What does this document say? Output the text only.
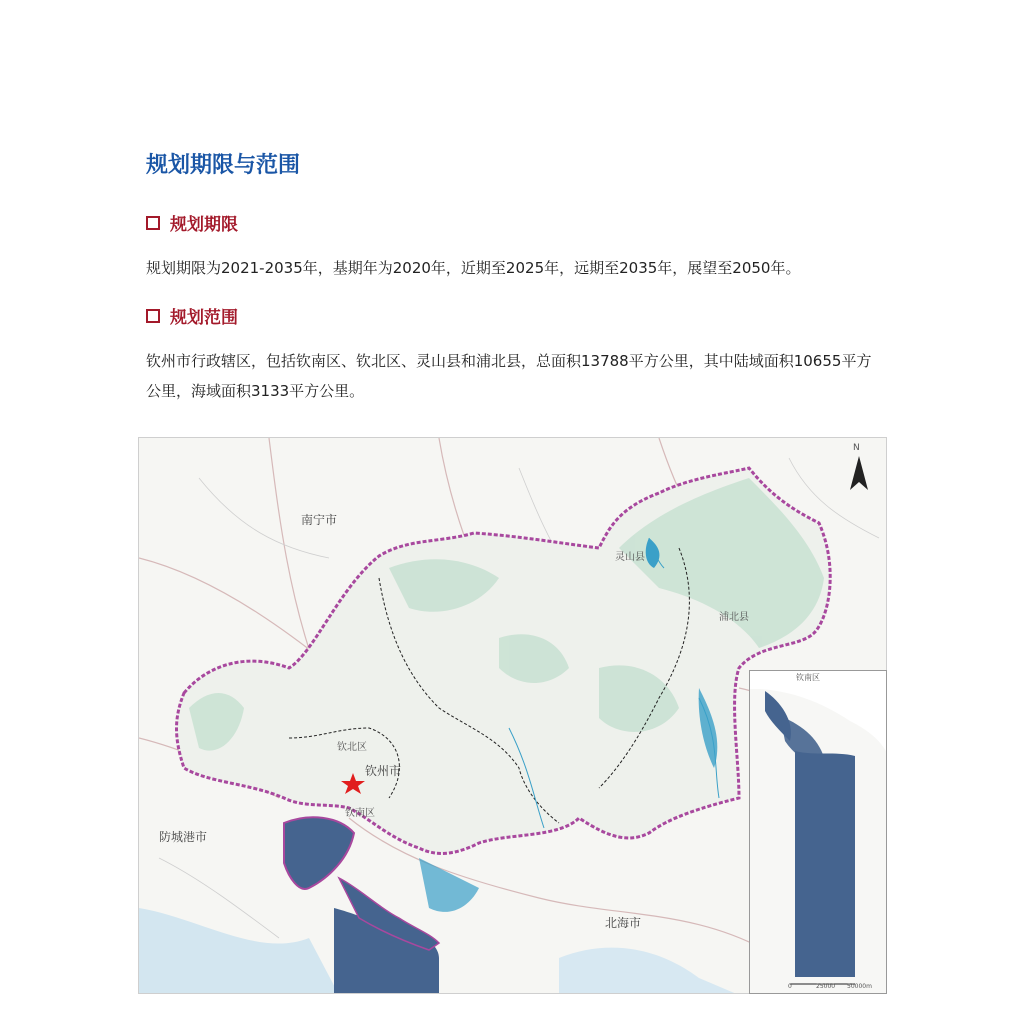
规划期限与范围
规划期限
规划期限为2021-2035年，基期年为2020年，近期至2025年，远期至2035年，展望至2050年。
规划范围
钦州市行政辖区，包括钦南区、钦北区、灵山县和浦北县，总面积13788平方公里，其中陆域面积10655平方公里，海域面积3133平方公里。
N
南宁市
灵山县
浦北县
钦北区
钦州市
钦南区
防城港市
北海市
钦南区
0	25000 50000m
